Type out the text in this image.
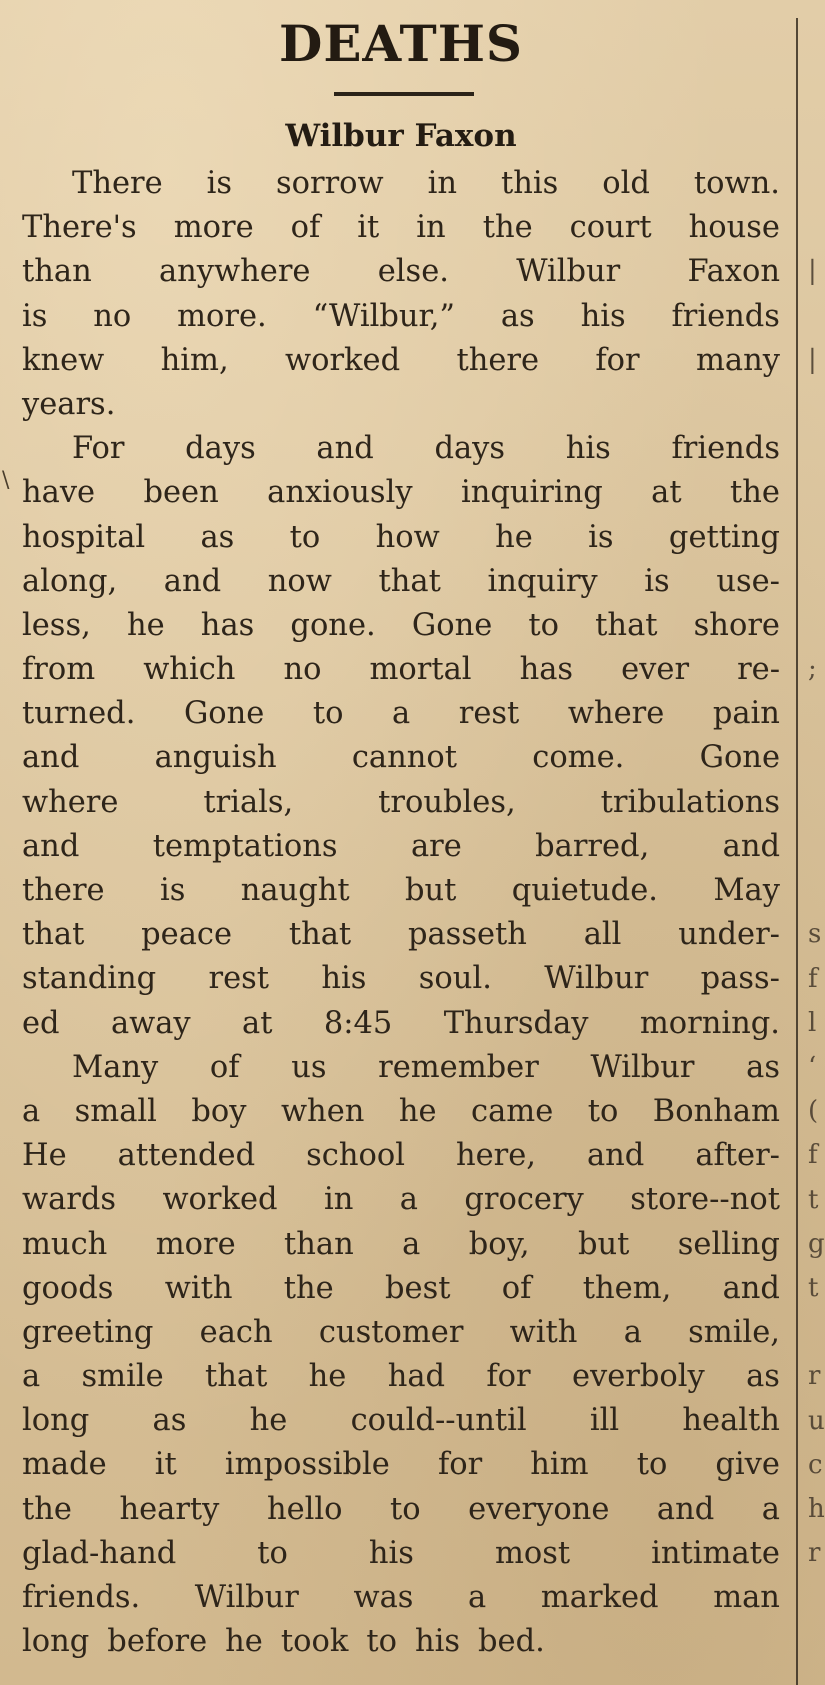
DEATHS
Wilbur Faxon
There is sorrow in this old town.
There's more of it in the court house
than anywhere else. Wilbur Faxon
is no more. “Wilbur,” as his friends
knew him, worked there for many
years.
For days and days his friends
have been anxiously inquiring at the
hospital as to how he is getting
along, and now that inquiry is use-
less, he has gone. Gone to that shore
from which no mortal has ever re-
turned. Gone to a rest where pain
and anguish cannot come. Gone
where	trials,	troubles,	tribulations
and temptations are barred, and
there is naught but quietude. May
that peace that passeth all under-
standing rest his soul. Wilbur pass-
ed away at 8:45 Thursday morning.
Many of us remember Wilbur as
a small boy when he came to Bonham
He attended school here, and after-
wards worked in a grocery store--not
much more than a boy, but selling
goods with the best of them, and
greeting each customer with a smile,
a smile that he had for everboly as
long as he could--until ill health
made it impossible for him to give
the hearty hello to everyone and a
glad-hand	to	his	most	intimate
friends. Wilbur was a marked man
long before he took to his bed.
|
|
;
s
f
l
‘
(
f
t
g
t
r
u
c
h
r
\
